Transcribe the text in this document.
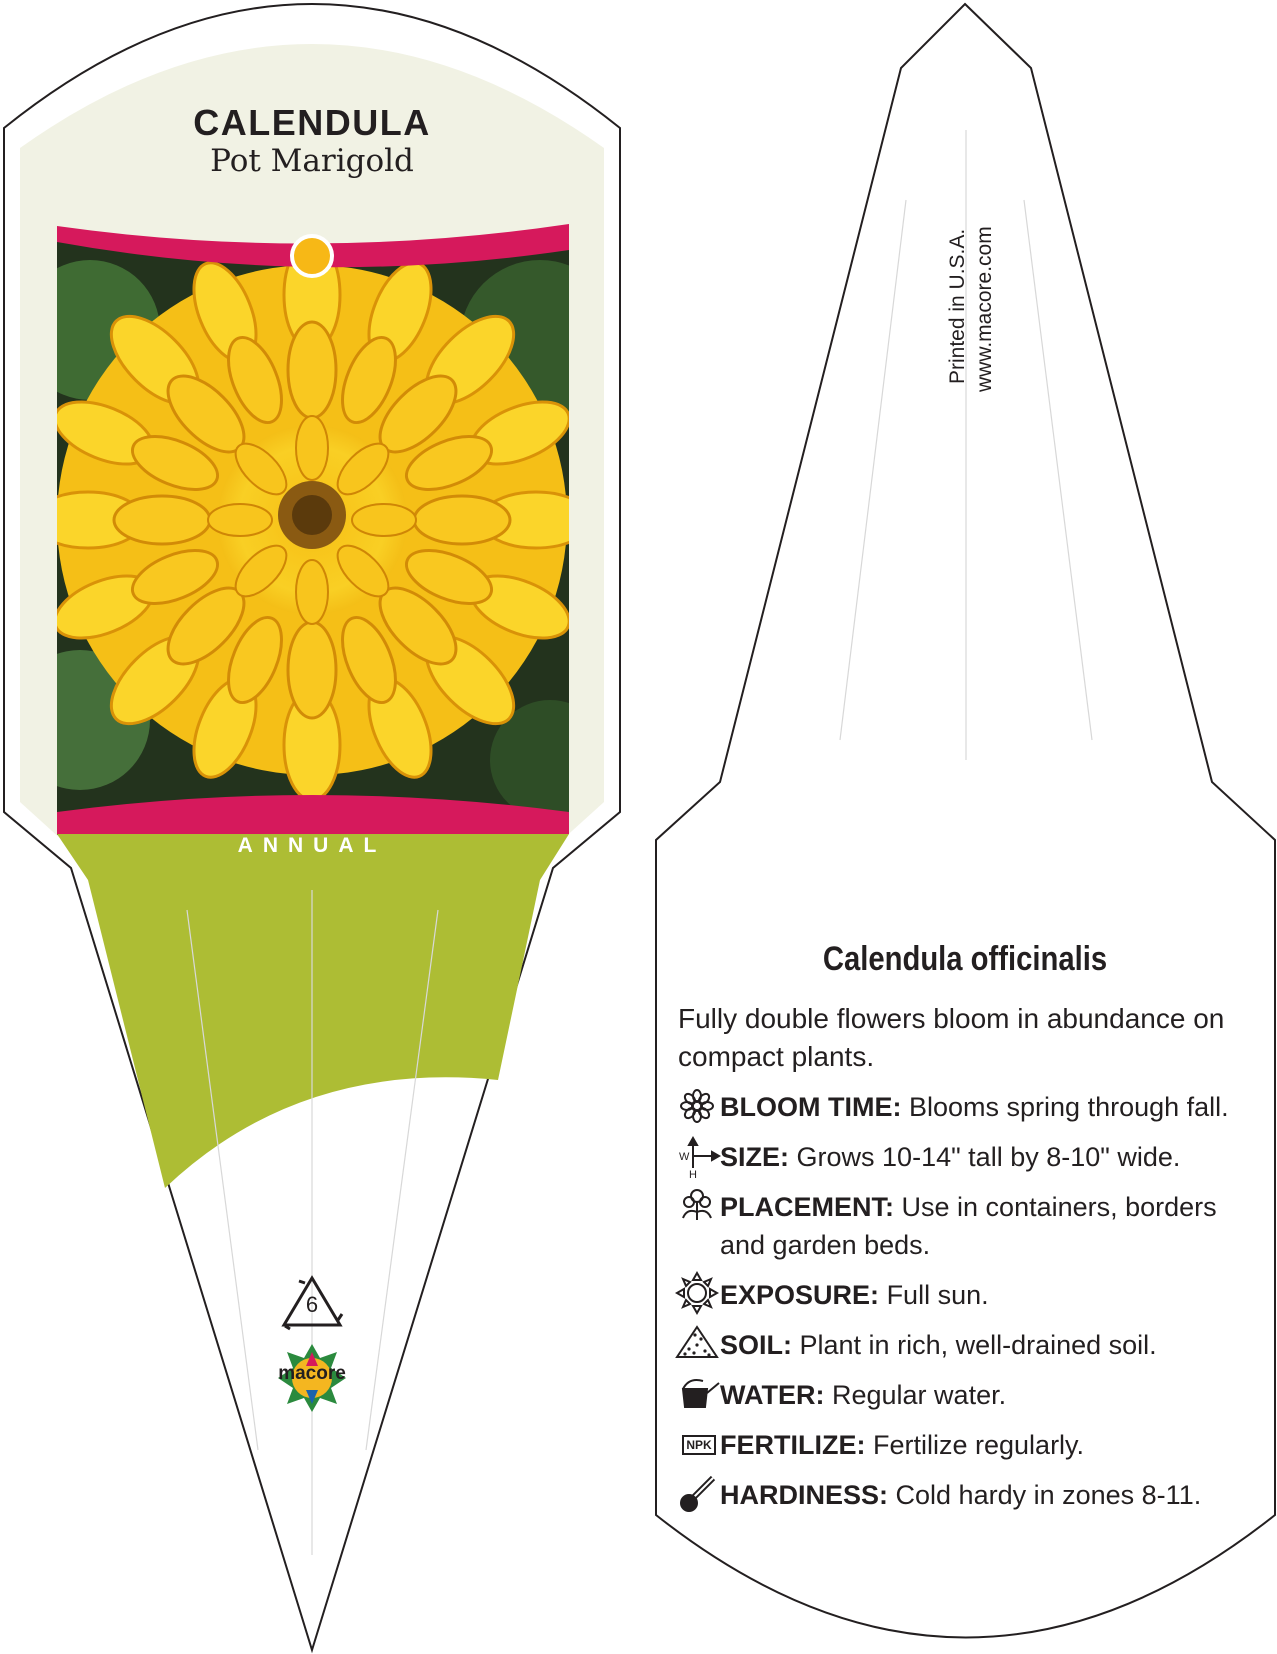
W
H
CALENDULA
Pot Marigold
ANNUAL
6
macore
Printed in U.S.A. www.macore.com
Calendula officinalis
Fully double flowers bloom in abundance on compact plants.
BLOOM TIME: Blooms spring through fall.
SIZE: Grows 10-14" tall by 8-10" wide.
PLACEMENT: Use in containers, borders and garden beds.
EXPOSURE: Full sun.
SOIL: Plant in rich, well-drained soil.
WATER: Regular water.
NPK FERTILIZE: Fertilize regularly.
HARDINESS: Cold hardy in zones 8-11.
